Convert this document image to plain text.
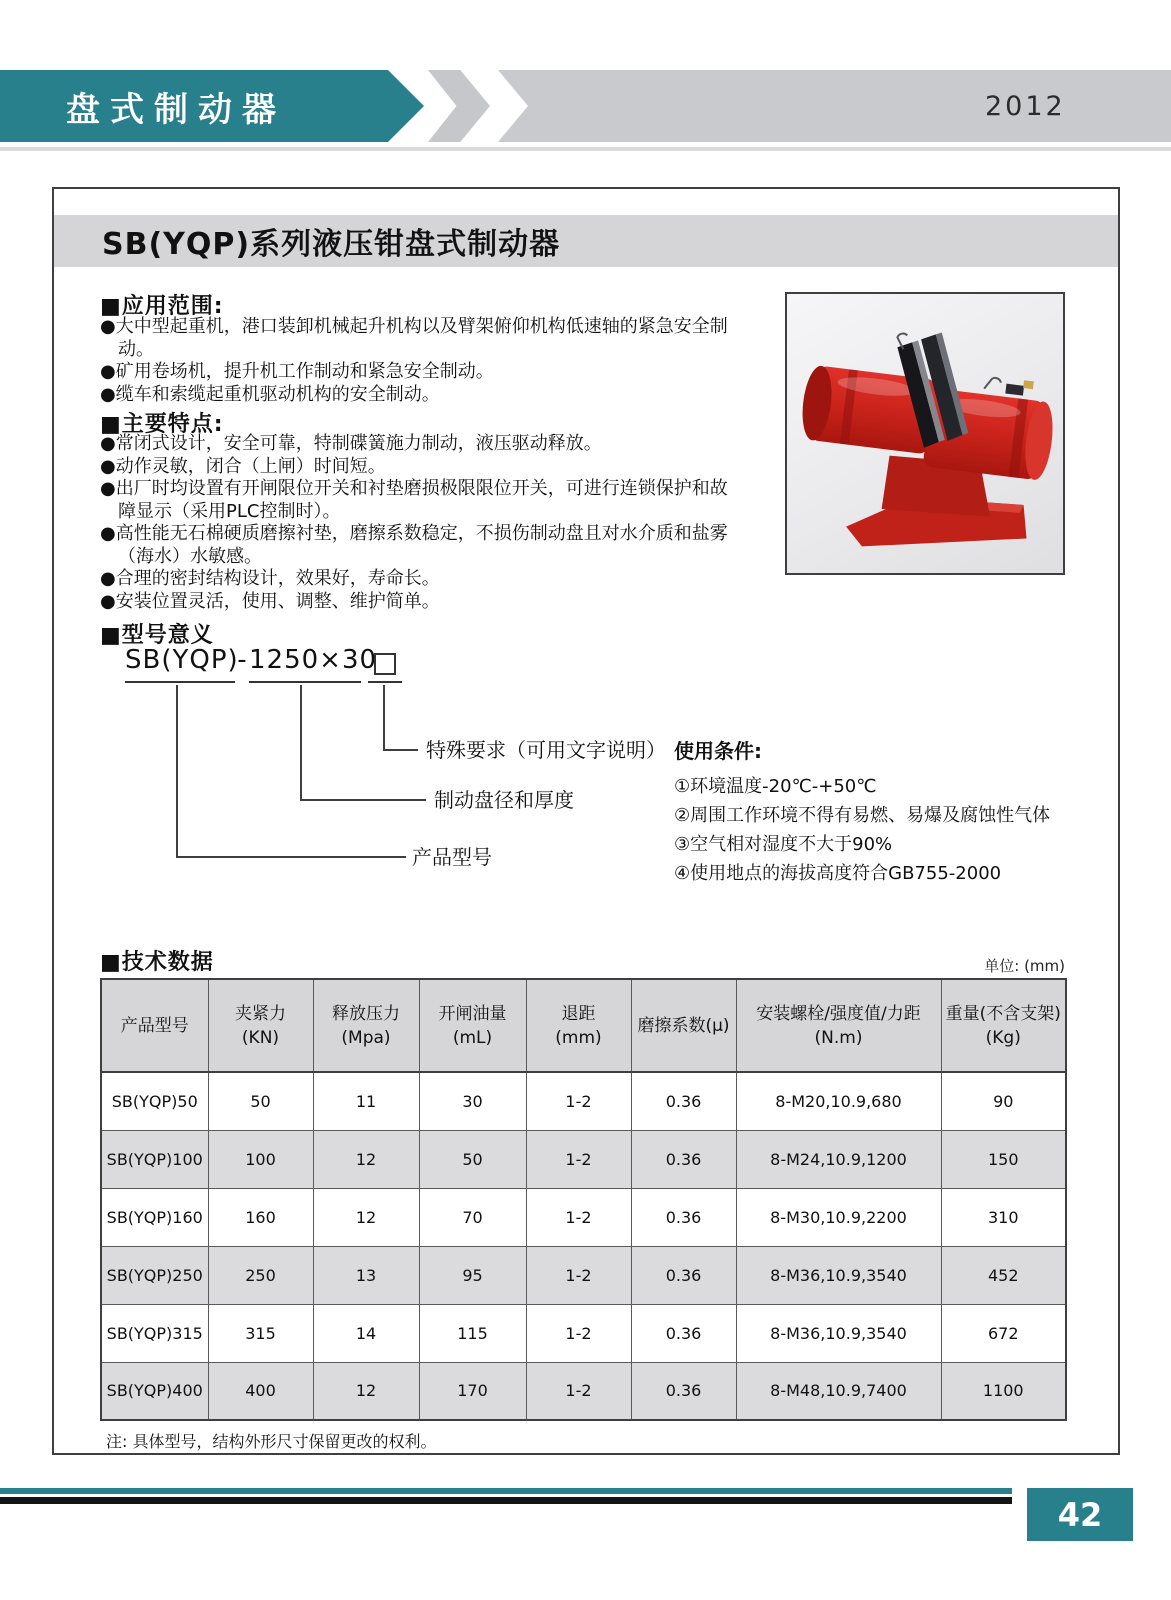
盘式制动器	2012
SB(YQP)系列液压钳盘式制动器
■应用范围:
●大中型起重机，港口装卸机械起升机构以及臂架俯仰机构低速轴的紧急安全制动。
●矿用卷场机，提升机工作制动和紧急安全制动。
●缆车和索缆起重机驱动机构的安全制动。
■主要特点:
●常闭式设计，安全可靠，特制碟簧施力制动，液压驱动释放。
●动作灵敏，闭合（上闸）时间短。
●出厂时均设置有开闸限位开关和衬垫磨损极限限位开关，可进行连锁保护和故障显示（采用PLC控制时）。
●高性能无石棉硬质磨擦衬垫，磨擦系数稳定，不损伤制动盘且对水介质和盐雾（海水）水敏感。
●合理的密封结构设计，效果好，寿命长。
●安装位置灵活，使用、调整、维护简单。
■型号意义
SB(YQP)
- 1250×30
特殊要求（可用文字说明）
制动盘径和厚度
产品型号
使用条件:
①环境温度-20℃-+50℃
②周围工作环境不得有易燃、易爆及腐蚀性气体
③空气相对湿度不大于90%
④使用地点的海拔高度符合GB755-2000
■技术数据	单位: (mm)
产品型号

夹紧力
(KN)

释放压力
(Mpa)

开闸油量(mL)

退距
(mm)

磨擦系数(μ)

安装螺栓/强度值/力距
(N.m)

重量(不含支架)
(Kg)

SB(YQP)50	50	11	30	1-2	0.36	8-M20,10.9,680	90
SB(YQP)100	100	12	50	1-2	0.36	8-M24,10.9,1200	150
SB(YQP)160	160	12	70	1-2	0.36	8-M30,10.9,2200	310
SB(YQP)250	250	13	95	1-2	0.36	8-M36,10.9,3540	452
SB(YQP)315	315	14	115	1-2	0.36	8-M36,10.9,3540	672
SB(YQP)400	400	12	170	1-2	0.36	8-M48,10.9,7400	1100
注: 具体型号，结构外形尺寸保留更改的权利。
42
